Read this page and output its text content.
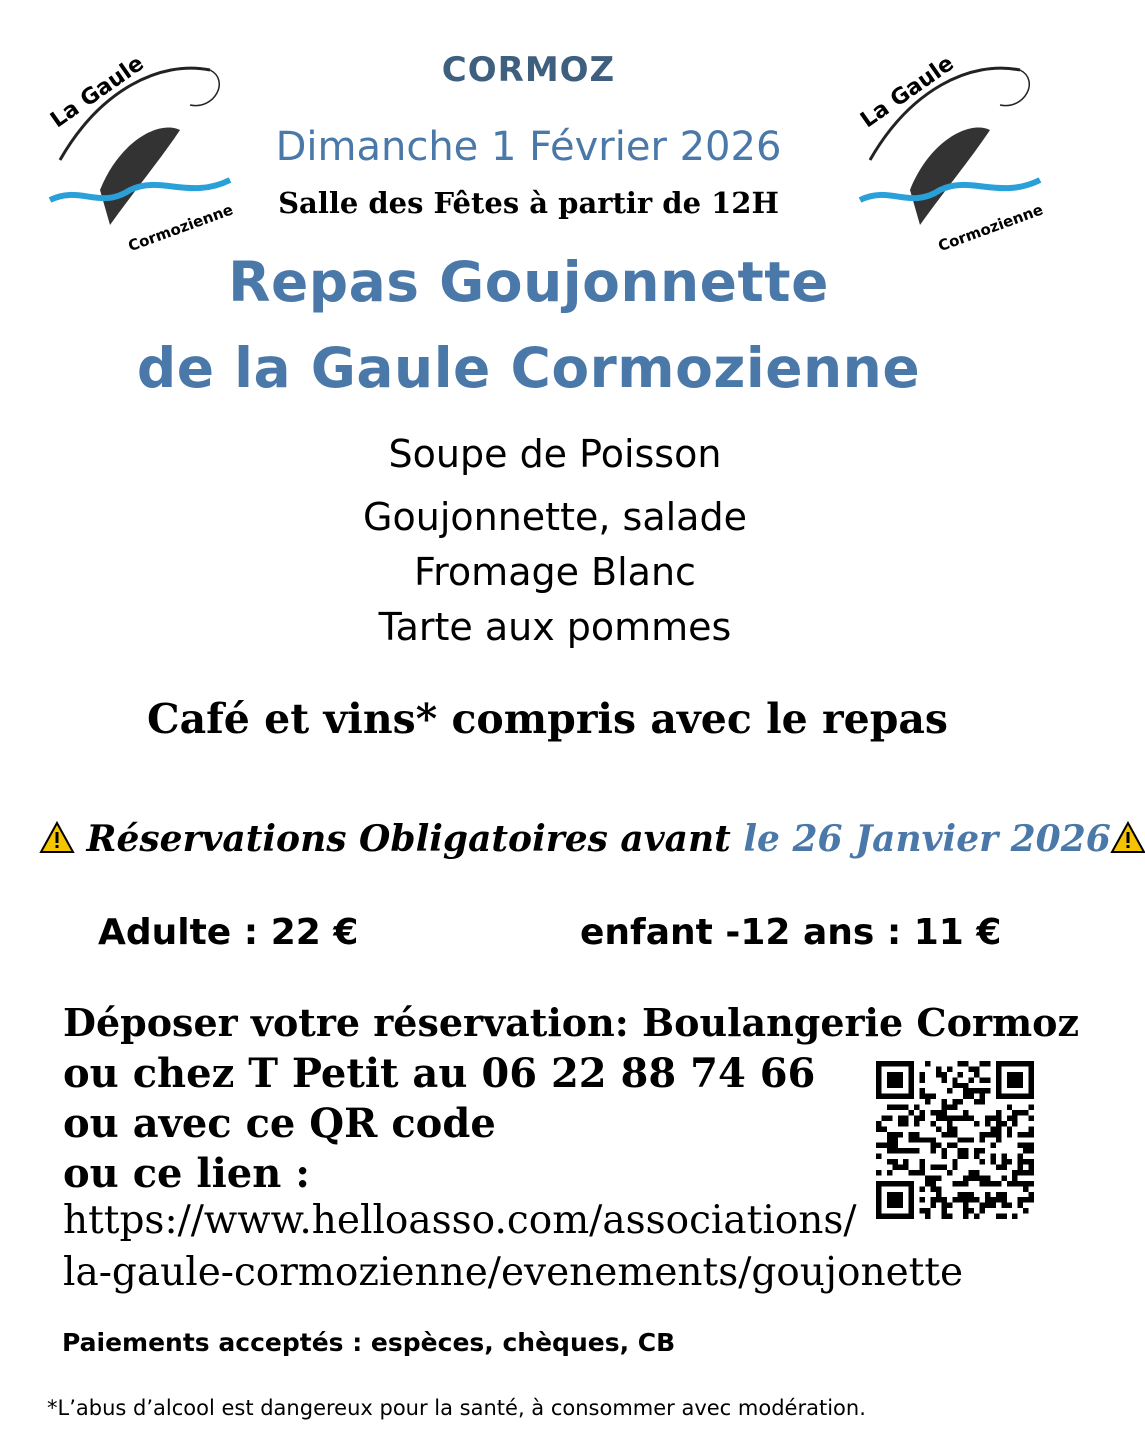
La Gaule
Cormozienne
La Gaule
Cormozienne
CORMOZ
Dimanche 1 Février 2026
Salle des Fêtes à partir de 12H
Repas Goujonnette
de la Gaule Cormozienne
Soupe de Poisson
Goujonnette, salade
Fromage Blanc
Tarte aux pommes
Café et vins* compris avec le repas
Réservations Obligatoires avant le 26 Janvier 2026
Adulte : 22 €	enfant -12 ans : 11 €
Déposer votre réservation: Boulangerie Cormoz
ou chez T Petit au 06 22 88 74 66
ou avec ce QR code
ou ce lien :
https://www.helloasso.com/associations/
la-gaule-cormozienne/evenements/goujonette
Paiements acceptés : espèces, chèques, CB
*L’abus d’alcool est dangereux pour la santé, à consommer avec modération.
